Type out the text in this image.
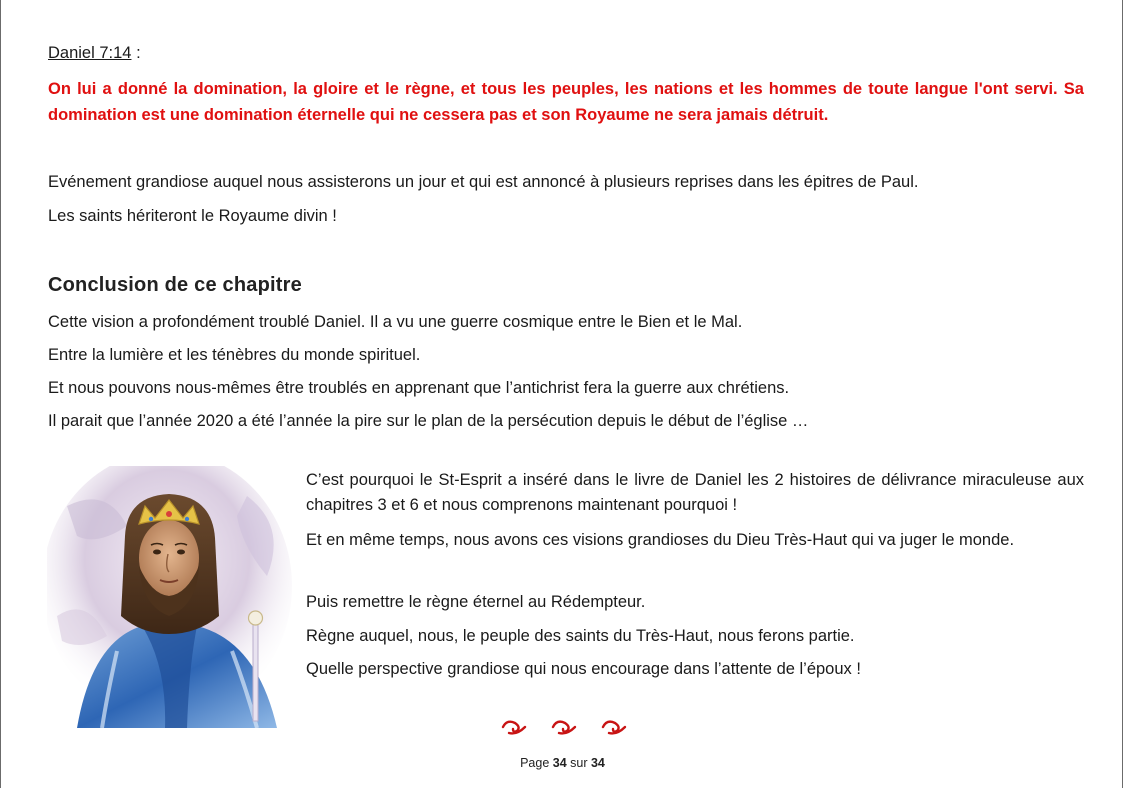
Daniel 7:14 :
On lui a donné la domination, la gloire et le règne, et tous les peuples, les nations et les hommes de toute langue l'ont servi. Sa domination est une domination éternelle qui ne cessera pas et son Royaume ne sera jamais détruit.
Evénement grandiose auquel nous assisterons un jour et qui est annoncé à plusieurs reprises dans les épitres de Paul.
Les saints hériteront le Royaume divin !
Conclusion de ce chapitre
Cette vision a profondément troublé Daniel. Il a vu une guerre cosmique entre le Bien et le Mal.
Entre la lumière et les ténèbres du monde spirituel.
Et nous pouvons nous-mêmes être troublés en apprenant que l’antichrist fera la guerre aux chrétiens.
Il parait que l’année 2020 a été l’année la pire sur le plan de la persécution depuis le début de l’église …
C’est pourquoi le St-Esprit a inséré dans le livre de Daniel les 2 histoires de délivrance miraculeuse aux chapitres 3 et 6 et nous comprenons maintenant pourquoi !
Et en même temps, nous avons ces visions grandioses du Dieu Très-Haut qui va juger le monde.
Puis remettre le règne éternel au Rédempteur.
Règne auquel, nous, le peuple des saints du Très-Haut, nous ferons partie.
Quelle perspective grandiose qui nous encourage dans l’attente de l’époux !
Page 34 sur 34
